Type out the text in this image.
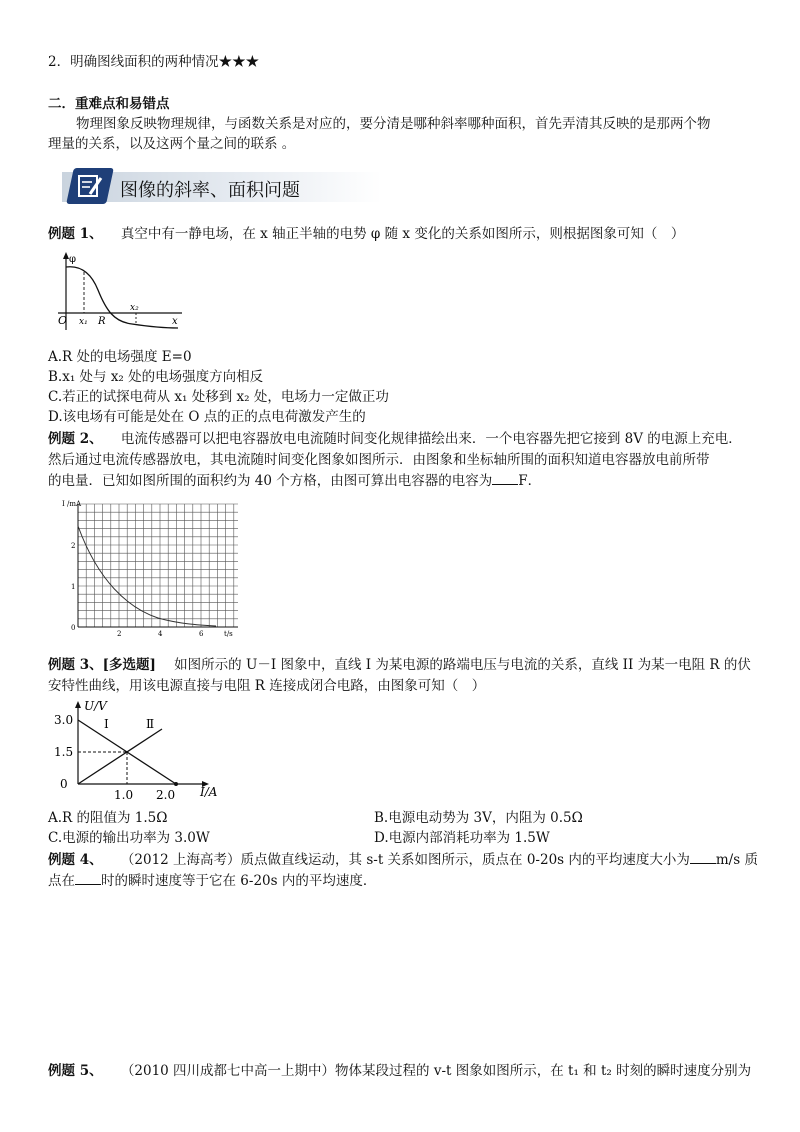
2．明确图线面积的两种情况★★★
二．重难点和易错点
物理图象反映物理规律，与函数关系是对应的，要分清是哪种斜率哪种面积，首先弄清其反映的是那两个物
理量的关系，以及这两个量之间的联系 。
图像的斜率、面积问题
例题 1、 真空中有一静电场，在 x 轴正半轴的电势 φ 随 x 变化的关系如图所示，则根据图象可知（　）
φ
O x₁ R
x₂
x
A.R 处的电场强度 E=0
B.x₁ 处与 x₂ 处的电场强度方向相反
C.若正的试探电荷从 x₁ 处移到 x₂ 处，电场力一定做正功
D.该电场有可能是处在 O 点的正的点电荷激发产生的
例题 2、 电流传感器可以把电容器放电电流随时间变化规律描绘出来．一个电容器先把它接到 8V 的电源上充电．
然后通过电流传感器放电，其电流随时间变化图象如图所示．由图象和坐标轴所围的面积知道电容器放电前所带
的电量．已知如图所围的面积约为 40 个方格，由图可算出电容器的电容为 F．
I /mA
t/s
0
1
2
2	4	6
例题 3、[多选题] 如图所示的 U－I 图象中，直线 I 为某电源的路端电压与电流的关系，直线 II 为某一电阻 R 的伏
安特性曲线，用该电源直接与电阻 R 连接成闭合电路，由图象可知（　）
U/V
I/A
3.0
1.5
0
1.0 2.0
I	Ⅱ
A.R 的阻值为 1.5Ω	B.电源电动势为 3V，内阻为 0.5Ω
C.电源的输出功率为 3.0W	D.电源内部消耗功率为 1.5W
例题 4、 （2012 上海高考）质点做直线运动，其 s-t 关系如图所示，质点在 0-20s 内的平均速度大小为 m/s 质
点在 时的瞬时速度等于它在 6-20s 内的平均速度．
例题 5、 （2010 四川成都七中高一上期中）物体某段过程的 v-t 图象如图所示，在 t₁ 和 t₂ 时刻的瞬时速度分别为
